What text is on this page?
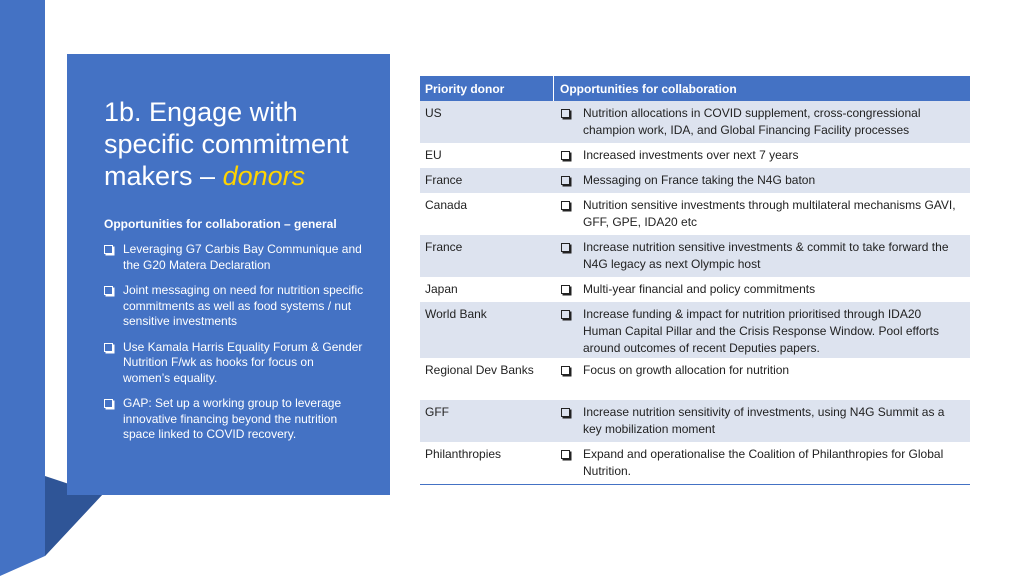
1b. Engage with specific commitment makers – donors
Opportunities for collaboration – general
Leveraging G7 Carbis Bay Communique and the G20 Matera Declaration
Joint messaging on need for nutrition specific commitments as well as food systems / nut sensitive investments
Use Kamala Harris Equality Forum & Gender Nutrition F/wk as hooks for focus on women’s equality.
GAP: Set up a working group to leverage innovative financing beyond the nutrition space linked to COVID recovery.
Priority donor	Opportunities for collaboration
US	Nutrition allocations in COVID supplement, cross-congressional champion work, IDA, and Global Financing Facility processes
EU	Increased investments over next 7 years
France	Messaging on France taking the N4G baton
Canada	Nutrition sensitive investments through multilateral mechanisms GAVI, GFF, GPE, IDA20 etc
France	Increase nutrition sensitive investments & commit to take forward the N4G legacy as next Olympic host
Japan	Multi-year financial and policy commitments
World Bank	Increase funding & impact for nutrition prioritised through IDA20 Human Capital Pillar and the Crisis Response Window. Pool efforts around outcomes of recent Deputies papers.
Regional Dev Banks	Focus on growth allocation for nutrition
GFF	Increase nutrition sensitivity of investments, using N4G Summit as a key mobilization moment
Philanthropies	Expand and operationalise the Coalition of Philanthropies for Global Nutrition.
